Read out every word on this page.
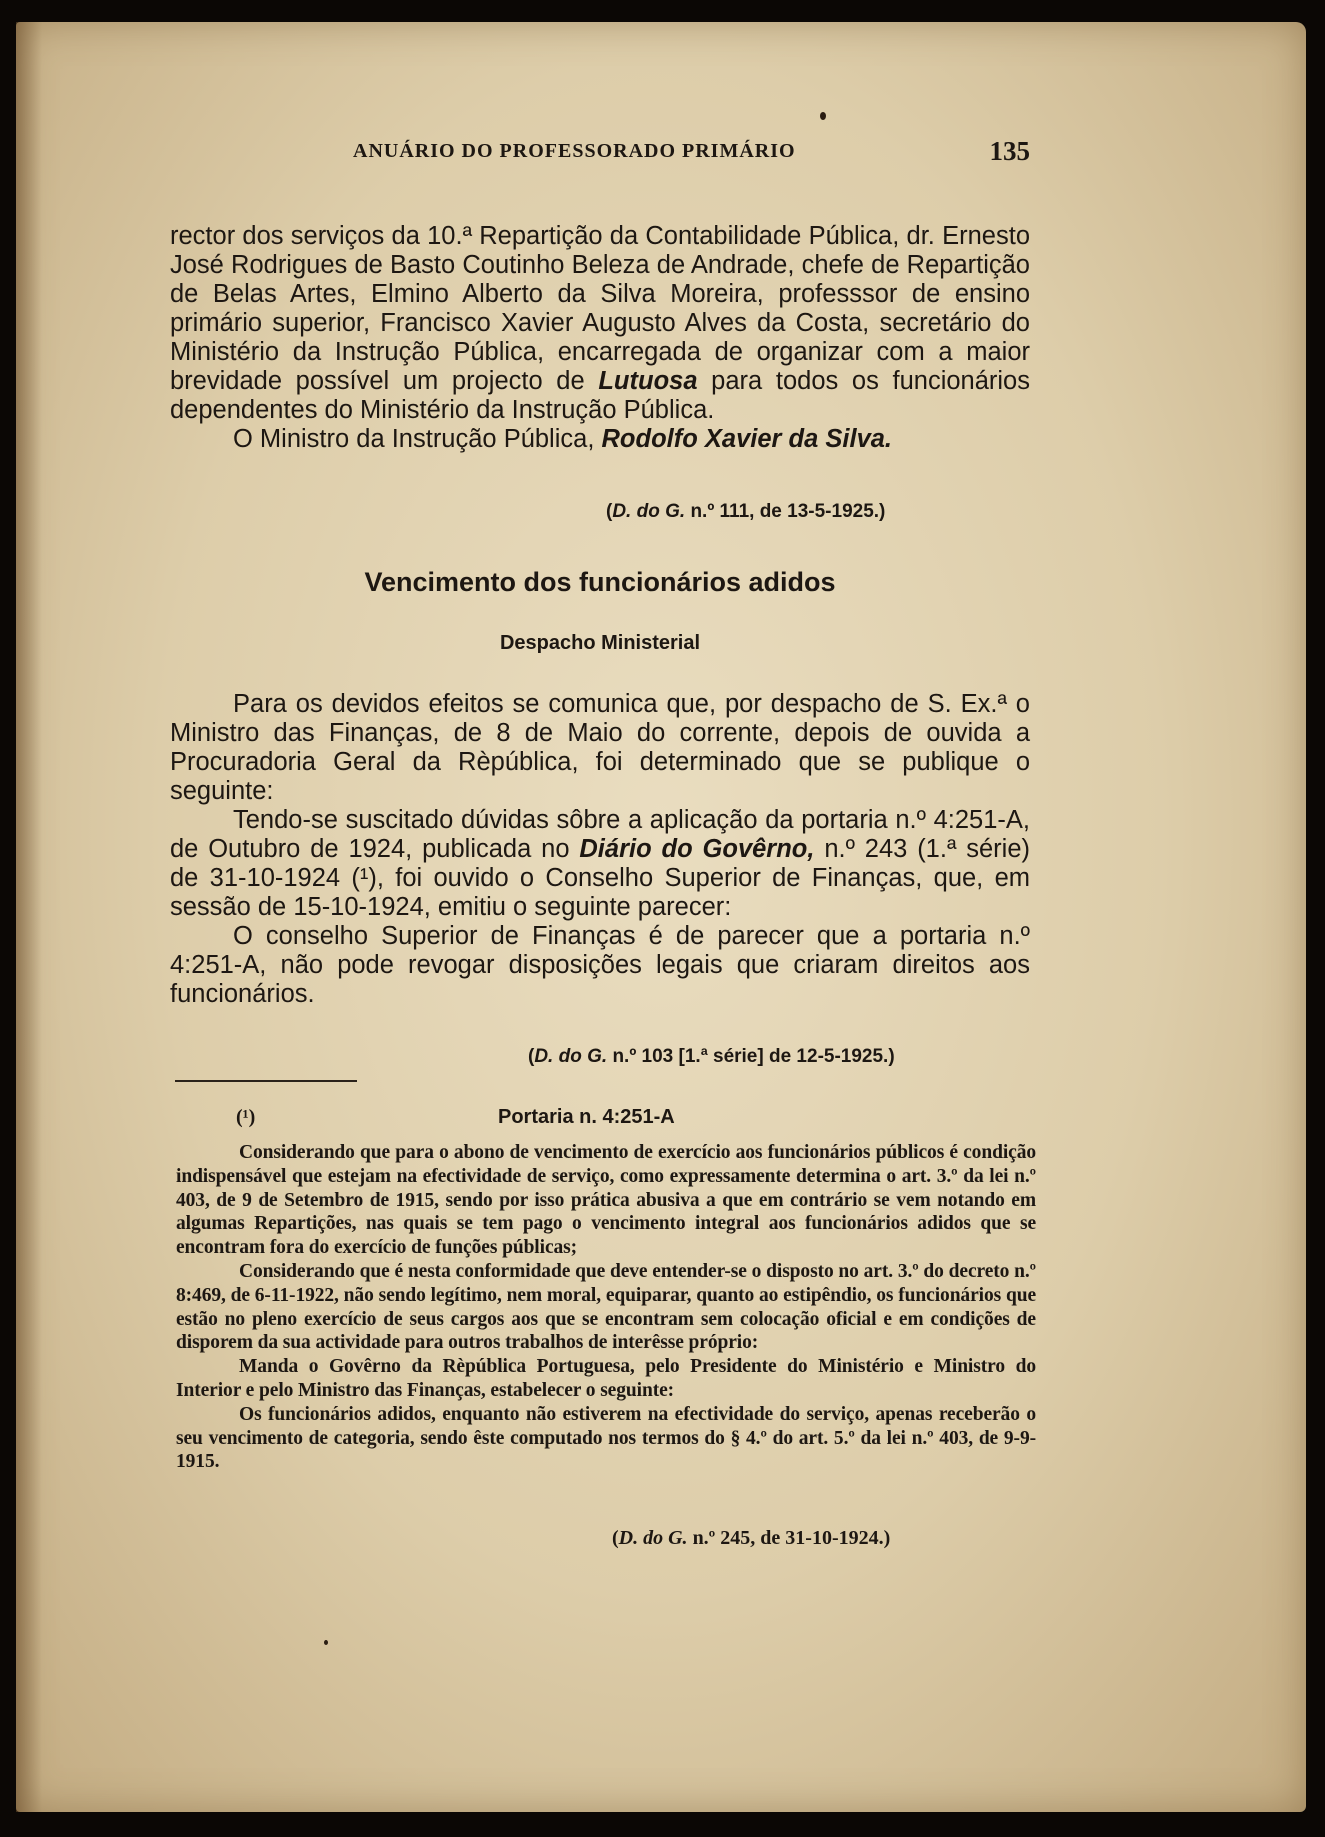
ANUÁRIO DO PROFESSORADO PRIMÁRIO	135

rector dos serviços da 10.ª Repartição da Contabilidade Pública, dr. Ernesto José Rodrigues de Basto Coutinho Beleza de Andrade, chefe de Repartição de Belas Artes, Elmino Alberto da Silva Moreira, professsor de ensino primário superior, Francisco Xavier Augusto Alves da Costa, secretário do Ministério da Instrução Pública, encarregada de organizar com a maior brevidade possível um projecto de Lutuosa para todos os funcionários dependentes do Ministério da Instrução Pública.

O Ministro da Instrução Pública, Rodolfo Xavier da Silva.

(D. do G. n.º 111, de 13-5-1925.)
Vencimento dos funcionários adidos
Despacho Ministerial

Para os devidos efeitos se comunica que, por despacho de S. Ex.ª o Ministro das Finanças, de 8 de Maio do corrente, depois de ouvida a Procuradoria Geral da Rèpública, foi determinado que se publique o seguinte:

Tendo-se suscitado dúvidas sôbre a aplicação da portaria n.º 4:251-A, de Outubro de 1924, publicada no Diário do Govêrno, n.º 243 (1.ª série) de 31-10-1924 (¹), foi ouvido o Conselho Superior de Finanças, que, em sessão de 15-10-1924, emitiu o seguinte parecer:

O conselho Superior de Finanças é de parecer que a portaria n.º 4:251-A, não pode revogar disposições legais que criaram direitos aos funcionários.

(D. do G. n.º 103 [1.ª série] de 12-5-1925.)
(¹)	Portaria n. 4:251-A

Considerando que para o abono de vencimento de exercício aos funcionários públicos é condição indispensável que estejam na efectividade de serviço, como expressamente determina o art. 3.º da lei n.º 403, de 9 de Setembro de 1915, sendo por isso prática abusiva a que em contrário se vem notando em algumas Repartições, nas quais se tem pago o vencimento integral aos funcionários adidos que se encontram fora do exercício de funções públicas;

Considerando que é nesta conformidade que deve entender-se o disposto no art. 3.º do decreto n.º 8:469, de 6-11-1922, não sendo legítimo, nem moral, equiparar, quanto ao estipêndio, os funcionários que estão no pleno exercício de seus cargos aos que se encontram sem colocação oficial e em condições de disporem da sua actividade para outros trabalhos de interêsse próprio:

Manda o Govêrno da Rèpública Portuguesa, pelo Presidente do Ministério e Ministro do Interior e pelo Ministro das Finanças, estabelecer o seguinte:

Os funcionários adidos, enquanto não estiverem na efectividade do serviço, apenas receberão o seu vencimento de categoria, sendo êste computado nos termos do § 4.º do art. 5.º da lei n.º 403, de 9-9-1915.

(D. do G. n.º 245, de 31-10-1924.)
